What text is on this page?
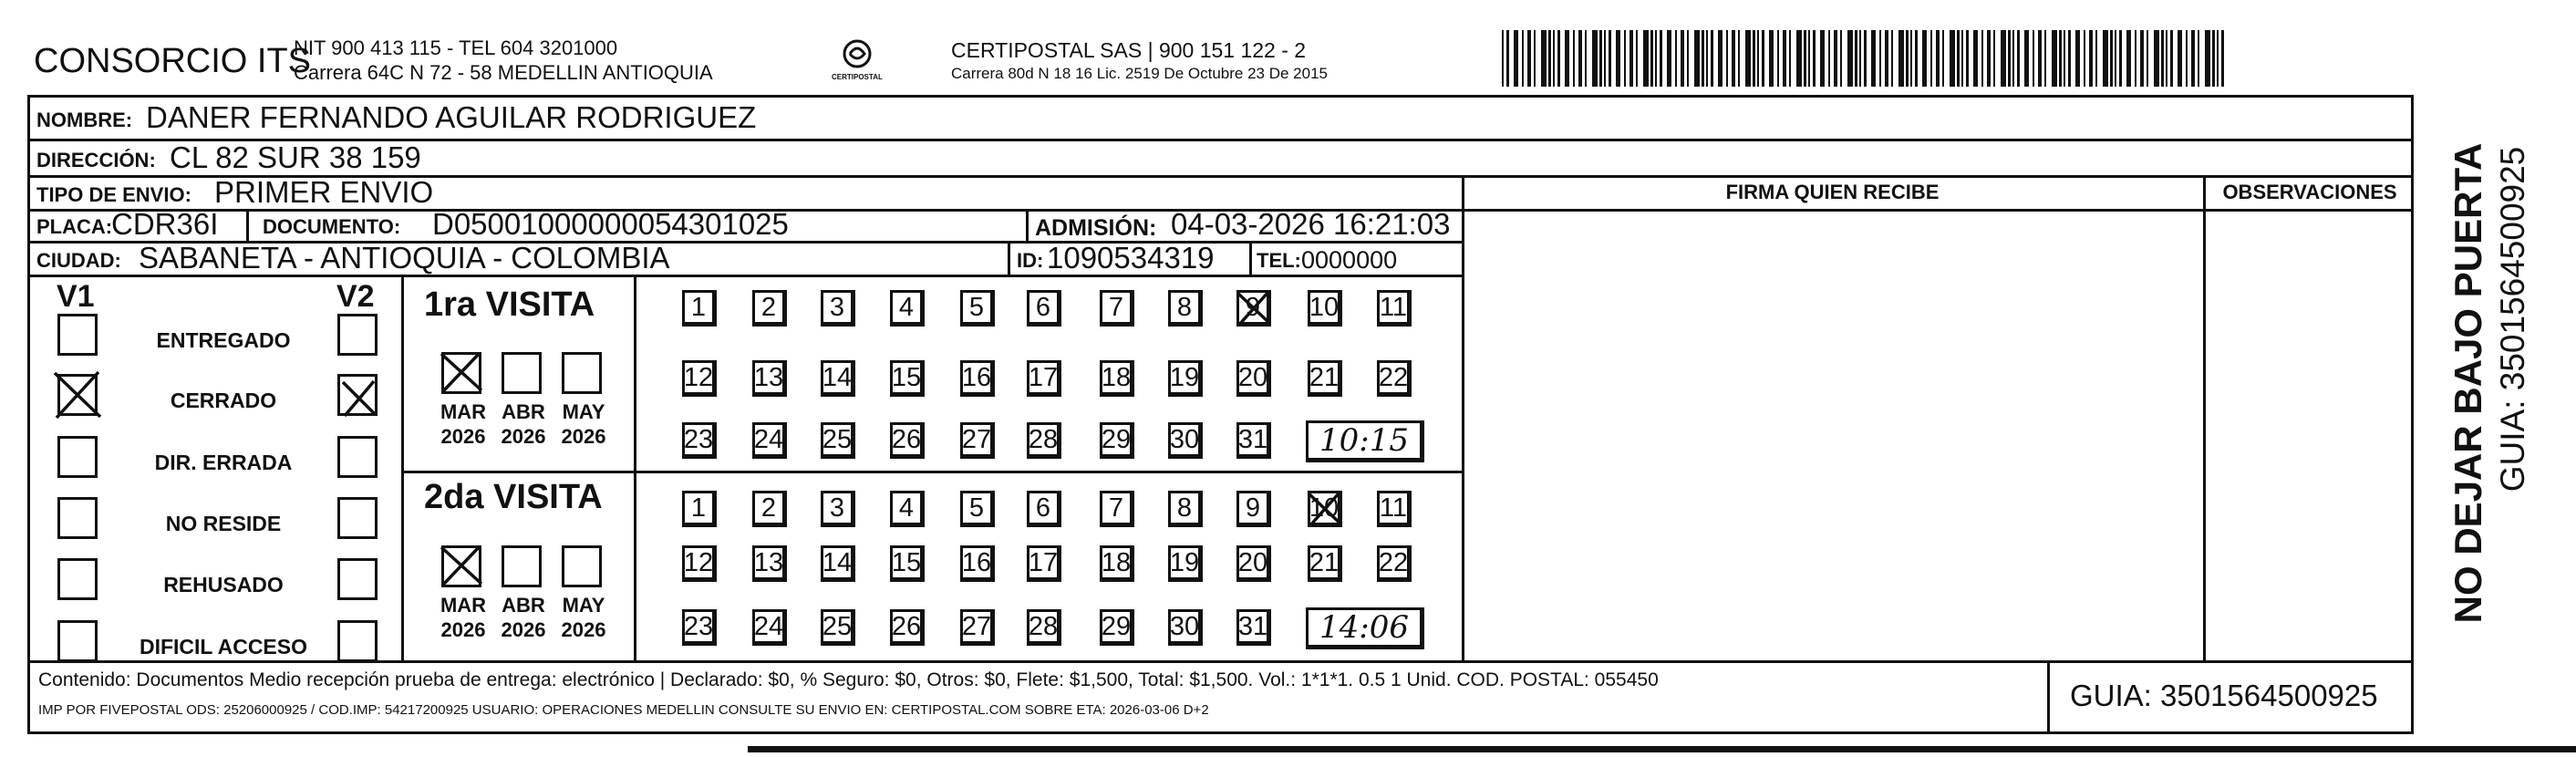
CONSORCIO ITS
NIT 900 413 115 - TEL 604 3201000
Carrera 64C N 72 - 58 MEDELLIN ANTIOQUIA	CERTIPOSTAL
CERTIPOSTAL SAS | 900 151 122 - 2
Carrera 80d N 18 16 Lic. 2519 De Octubre 23 De 2015
NOMBRE: DANER FERNANDO AGUILAR RODRIGUEZ
DIRECCIÓN: CL 82 SUR 38 159
TIPO DE ENVIO: PRIMER ENVIO	FIRMA QUIEN RECIBE	OBSERVACIONES
PLACA:
CDR36I DOCUMENTO: D05001000000054301025	ADMISIÓN: 04-03-2026 16:21:03
CIUDAD: SABANETA - ANTIOQUIA - COLOMBIA	ID: 1090534319 TEL: 0000000
V1	V2
ENTREGADO
CERRADO
DIR. ERRADA
NO RESIDE
REHUSADO
DIFICIL ACCESO
1ra VISITA
2da VISITA
MAR
2026
ABR
2026
MAY
2026
MAR
2026
ABR
2026
MAY
2026
1	2	3	4	5	6	7	8	9	10 11
12 13 14 15 16 17 18 19 20 21 22
23 24 25 26 27 28 29 30 31	10:15
1	2	3	4	5	6	7	8	9	10 11
12 13 14 15 16 17 18 19 20 21 22
23 24 25 26 27 28 29 30 31	14:06
Contenido: Documentos Medio recepción prueba de entrega: electrónico | Declarado: $0, % Seguro: $0, Otros: $0, Flete: $1,500, Total: $1,500. Vol.: 1*1*1. 0.5 1 Unid. COD. POSTAL: 055450
IMP POR FIVEPOSTAL ODS: 25206000925 / COD.IMP: 54217200925 USUARIO: OPERACIONES MEDELLIN CONSULTE SU ENVIO EN: CERTIPOSTAL.COM SOBRE ETA: 2026-03-06 D+2	GUIA: 3501564500925
NO DEJAR BAJO PUERTA GUIA: 3501564500925
